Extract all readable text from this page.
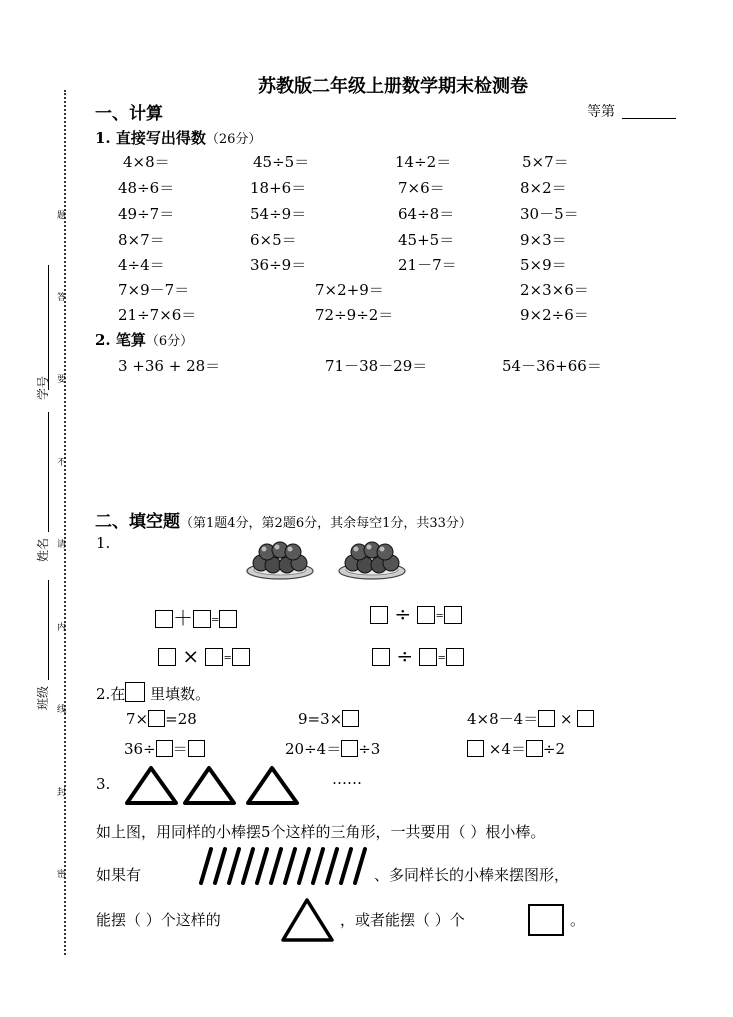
苏教版二年级上册数学期末检测卷
等第
学号
姓名
班级
题
答
要
不
请
内
线
封
密
一、计算
1. 直接写出得数（26分）
4×8＝	45÷5＝	14÷2＝	5×7＝
48÷6＝	18+6＝	7×6＝	8×2＝
49÷7＝	54÷9＝	64÷8＝	30－5＝
8×7＝	6×5＝	45+5＝	9×3＝
4÷4＝	36÷9＝	21－7＝	5×9＝
7×9－7＝	7×2+9＝	2×3×6＝
21÷7×6＝	72÷9÷2＝	9×2÷6＝
2. 笔算（6分）
3 +36 + 28＝	71－38－29＝	54－36+66＝
二、填空题（第1题4分，第2题6分，其余每空1分，共33分）
1.
＋ =	÷ =
× =	÷ =
2.在 里填数。
7× =28	9=3×	4×8－4＝ ×
36÷ ＝	20÷4＝ ÷3	×4＝ ÷2
3.	……
如上图，用同样的小棒摆5个这样的三角形，一共要用（ ）根小棒。
如果有	、多同样长的小棒来摆图形，
能摆（ ）个这样的	，或者能摆（ ）个	。
